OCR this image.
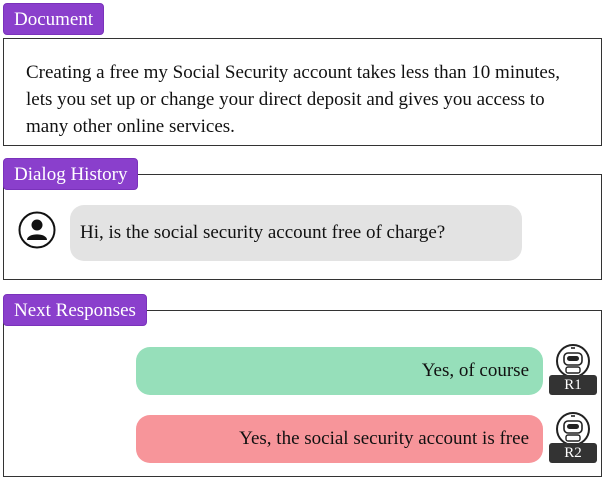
Creating a free my Social Security account takes less than 10 minutes, lets you set up or change your direct deposit and gives you access to many other online services.
Document
Hi, is the social security account free of charge?
Dialog History
Yes, of course
R1
Yes, the social security account is free
R2
Next Responses
